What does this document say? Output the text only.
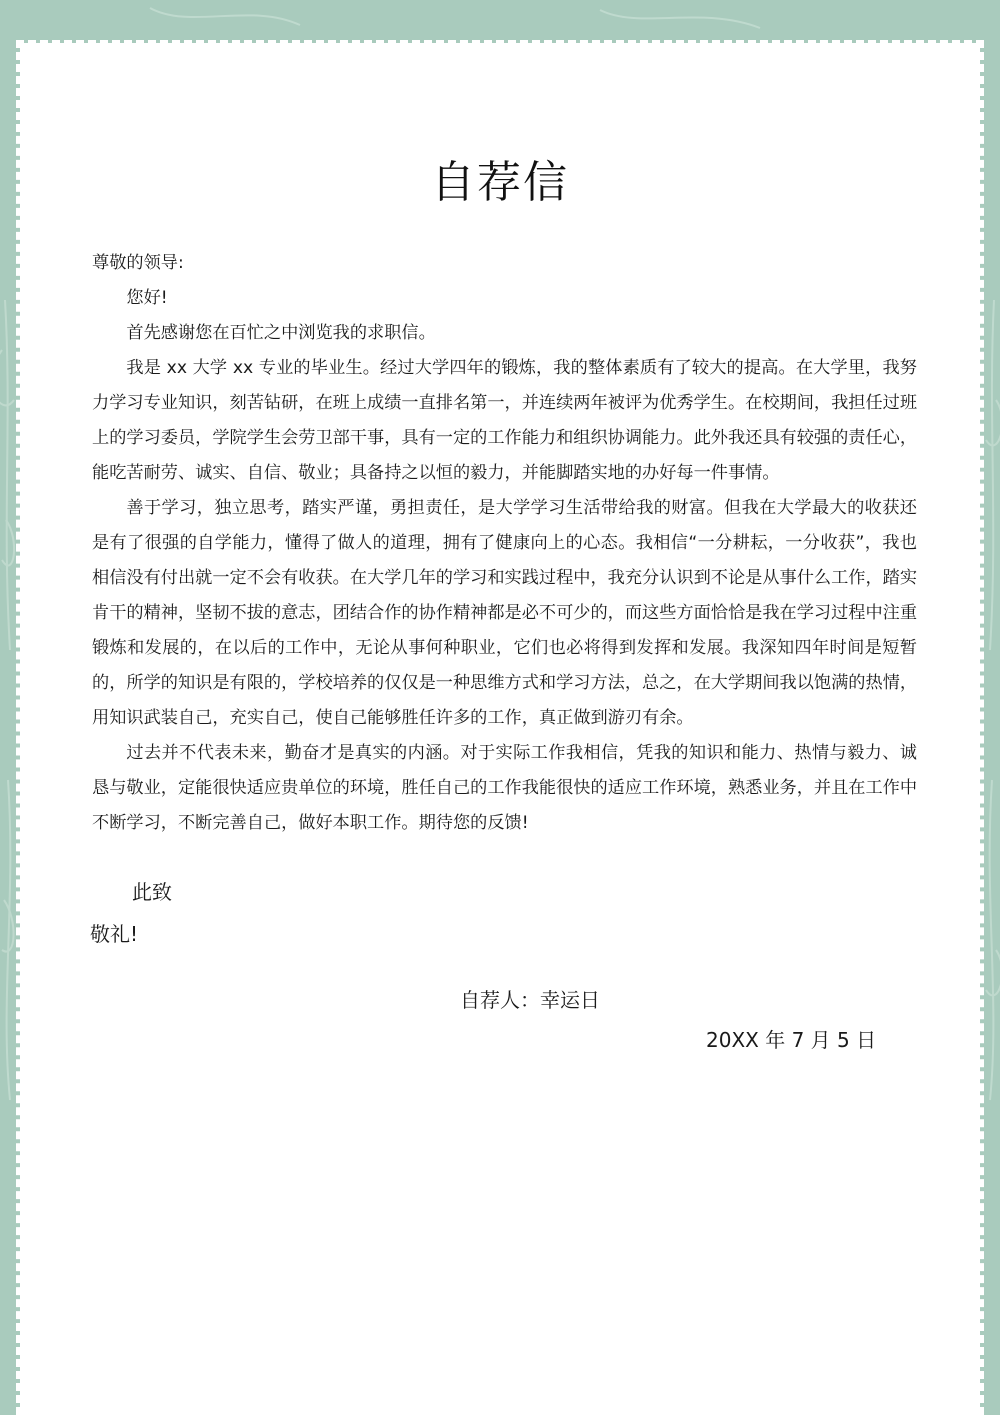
自荐信

尊敬的领导:

您好!

首先感谢您在百忙之中浏览我的求职信。

我是 xx 大学 xx 专业的毕业生。经过大学四年的锻炼，我的整体素质有了较大的提高。在大学里，我努力学习专业知识，刻苦钻研，在班上成绩一直排名第一，并连续两年被评为优秀学生。在校期间，我担任过班上的学习委员，学院学生会劳卫部干事，具有一定的工作能力和组织协调能力。此外我还具有较强的责任心，能吃苦耐劳、诚实、自信、敬业；具备持之以恒的毅力，并能脚踏实地的办好每一件事情。

善于学习，独立思考，踏实严谨，勇担责任，是大学学习生活带给我的财富。但我在大学最大的收获还是有了很强的自学能力，懂得了做人的道理，拥有了健康向上的心态。我相信“一分耕耘，一分收获”，我也相信没有付出就一定不会有收获。在大学几年的学习和实践过程中，我充分认识到不论是从事什么工作，踏实肯干的精神，坚韧不拔的意志，团结合作的协作精神都是必不可少的，而这些方面恰恰是我在学习过程中注重锻炼和发展的，在以后的工作中，无论从事何种职业，它们也必将得到发挥和发展。我深知四年时间是短暂的，所学的知识是有限的，学校培养的仅仅是一种思维方式和学习方法，总之，在大学期间我以饱满的热情，用知识武装自己，充实自己，使自己能够胜任许多的工作，真正做到游刃有余。

过去并不代表未来，勤奋才是真实的内涵。对于实际工作我相信，凭我的知识和能力、热情与毅力、诚恳与敬业，定能很快适应贵单位的环境，胜任自己的工作我能很快的适应工作环境，熟悉业务，并且在工作中不断学习，不断完善自己，做好本职工作。期待您的反馈!

此致
敬礼!
自荐人：幸运日
20XX 年 7 月 5 日
